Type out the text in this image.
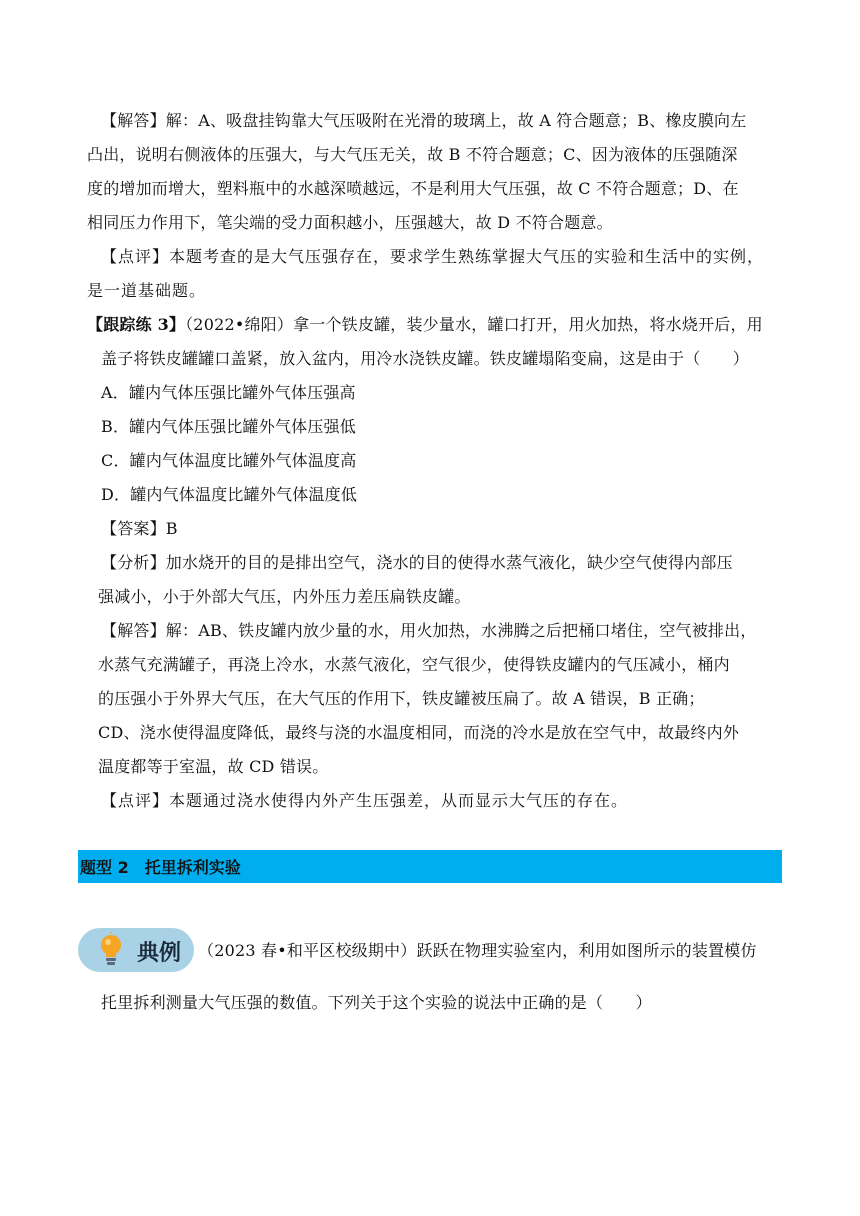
【解答】解：A、吸盘挂钩靠大气压吸附在光滑的玻璃上，故 A 符合题意；B、橡皮膜向左
凸出，说明右侧液体的压强大，与大气压无关，故 B 不符合题意；C、因为液体的压强随深
度的增加而增大，塑料瓶中的水越深喷越远，不是利用大气压强，故 C 不符合题意；D、在
相同压力作用下，笔尖端的受力面积越小，压强越大，故 D 不符合题意。
【点评】本题考查的是大气压强存在，要求学生熟练掌握大气压的实验和生活中的实例，
是一道基础题。
【跟踪练 3】（2022•绵阳）拿一个铁皮罐，装少量水，罐口打开，用火加热，将水烧开后，用
盖子将铁皮罐罐口盖紧，放入盆内，用冷水浇铁皮罐。铁皮罐塌陷变扁，这是由于（　　）
A．罐内气体压强比罐外气体压强高
B．罐内气体压强比罐外气体压强低
C．罐内气体温度比罐外气体温度高
D．罐内气体温度比罐外气体温度低
【答案】B
【分析】加水烧开的目的是排出空气，浇水的目的使得水蒸气液化，缺少空气使得内部压
强减小，小于外部大气压，内外压力差压扁铁皮罐。
【解答】解：AB、铁皮罐内放少量的水，用火加热，水沸腾之后把桶口堵住，空气被排出，
水蒸气充满罐子，再浇上冷水，水蒸气液化，空气很少，使得铁皮罐内的气压减小，桶内
的压强小于外界大气压，在大气压的作用下，铁皮罐被压扁了。故 A 错误，B 正确；
CD、浇水使得温度降低，最终与浇的水温度相同，而浇的冷水是放在空气中，故最终内外
温度都等于室温，故 CD 错误。
【点评】本题通过浇水使得内外产生压强差，从而显示大气压的存在。
题型 2　托里拆利实验
典例 （2023 春•和平区校级期中）跃跃在物理实验室内，利用如图所示的装置模仿
托里拆利测量大气压强的数值。下列关于这个实验的说法中正确的是（　　）
